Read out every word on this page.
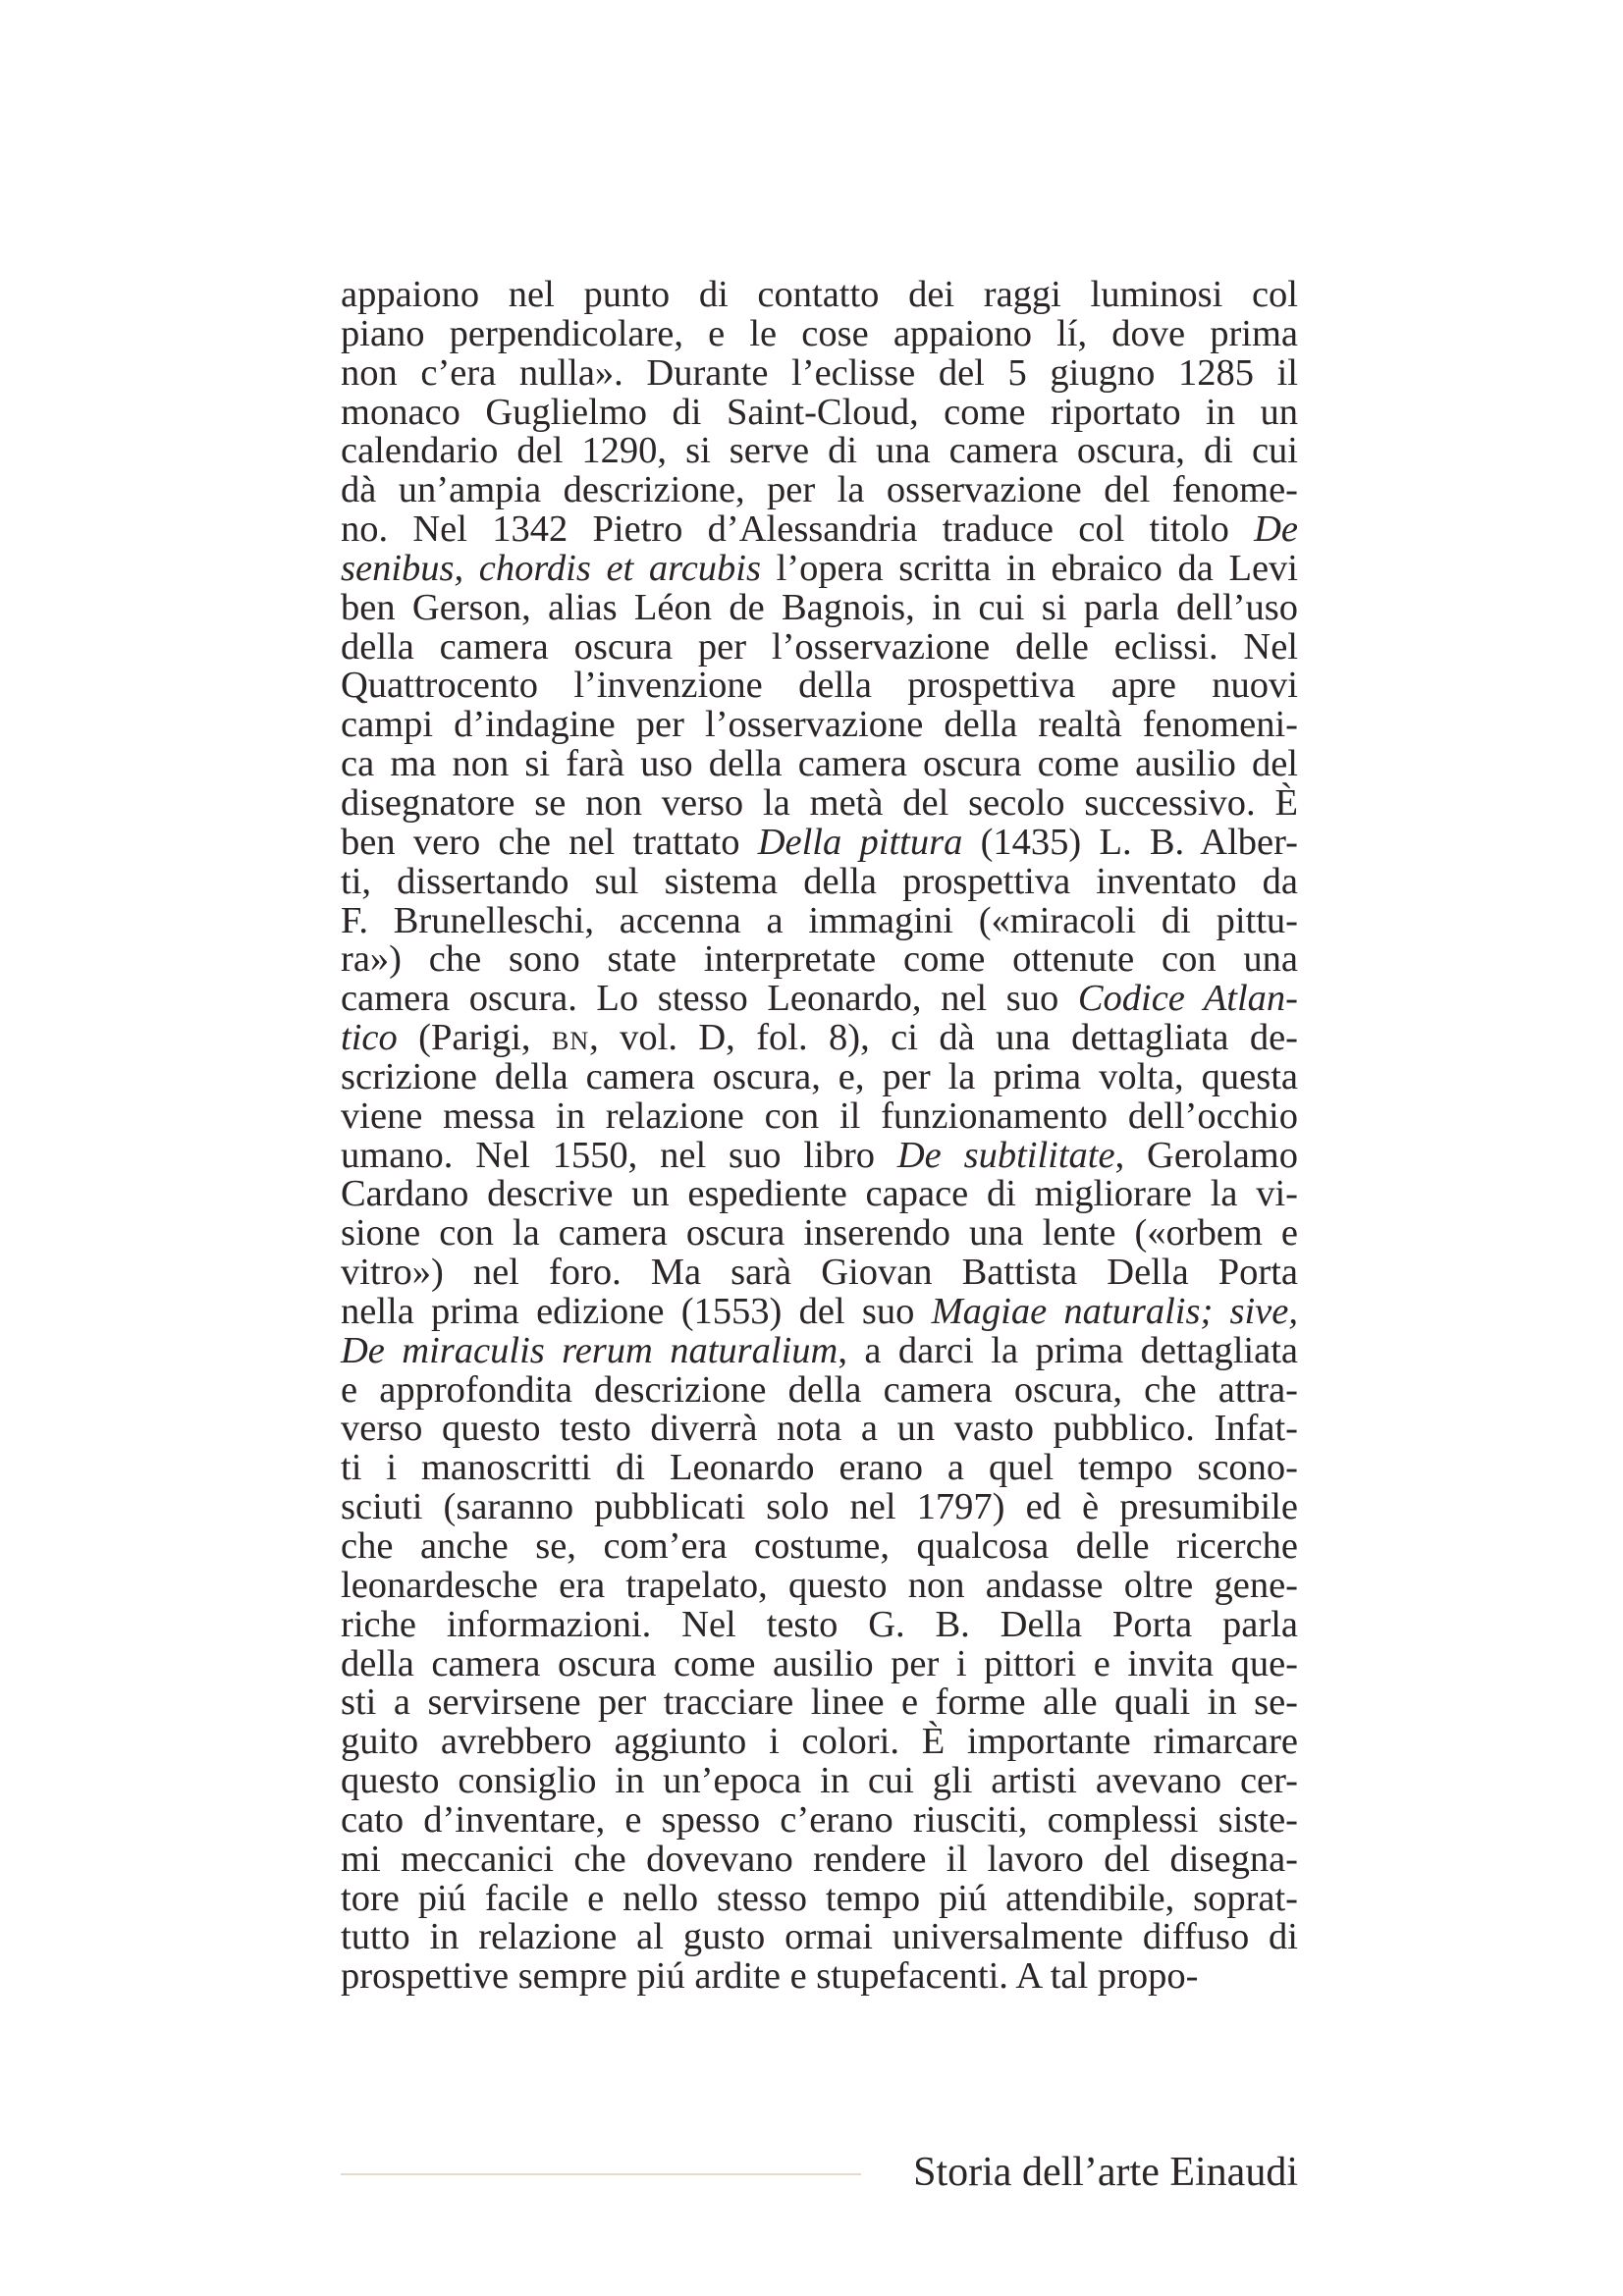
appaiono nel punto di contatto dei raggi luminosi col
piano perpendicolare, e le cose appaiono lí, dove prima
non c’era nulla». Durante l’eclisse del 5 giugno 1285 il
monaco Guglielmo di Saint-Cloud, come riportato in un
calendario del 1290, si serve di una camera oscura, di cui
dà un’ampia descrizione, per la osservazione del fenome-
no. Nel 1342 Pietro d’Alessandria traduce col titolo De
senibus, chordis et arcubis l’opera scritta in ebraico da Levi
ben Gerson, alias Léon de Bagnois, in cui si parla dell’uso
della camera oscura per l’osservazione delle eclissi. Nel
Quattrocento l’invenzione della prospettiva apre nuovi
campi d’indagine per l’osservazione della realtà fenomeni-
ca ma non si farà uso della camera oscura come ausilio del
disegnatore se non verso la metà del secolo successivo. È
ben vero che nel trattato Della pittura (1435) L. B. Alber-
ti, dissertando sul sistema della prospettiva inventato da
F. Brunelleschi, accenna a immagini («miracoli di pittu-
ra») che sono state interpretate come ottenute con una
camera oscura. Lo stesso Leonardo, nel suo Codice Atlan-
tico (Parigi, BN, vol. D, fol. 8), ci dà una dettagliata de-
scrizione della camera oscura, e, per la prima volta, questa
viene messa in relazione con il funzionamento dell’occhio
umano. Nel 1550, nel suo libro De subtilitate, Gerolamo
Cardano descrive un espediente capace di migliorare la vi-
sione con la camera oscura inserendo una lente («orbem e
vitro») nel foro. Ma sarà Giovan Battista Della Porta
nella prima edizione (1553) del suo Magiae naturalis; sive,
De miraculis rerum naturalium, a darci la prima dettagliata
e approfondita descrizione della camera oscura, che attra-
verso questo testo diverrà nota a un vasto pubblico. Infat-
ti i manoscritti di Leonardo erano a quel tempo scono-
sciuti (saranno pubblicati solo nel 1797) ed è presumibile
che anche se, com’era costume, qualcosa delle ricerche
leonardesche era trapelato, questo non andasse oltre gene-
riche informazioni. Nel testo G. B. Della Porta parla
della camera oscura come ausilio per i pittori e invita que-
sti a servirsene per tracciare linee e forme alle quali in se-
guito avrebbero aggiunto i colori. È importante rimarcare
questo consiglio in un’epoca in cui gli artisti avevano cer-
cato d’inventare, e spesso c’erano riusciti, complessi siste-
mi meccanici che dovevano rendere il lavoro del disegna-
tore piú facile e nello stesso tempo piú attendibile, soprat-
tutto in relazione al gusto ormai universalmente diffuso di
prospettive sempre piú ardite e stupefacenti. A tal propo-
Storia dell’arte Einaudi
